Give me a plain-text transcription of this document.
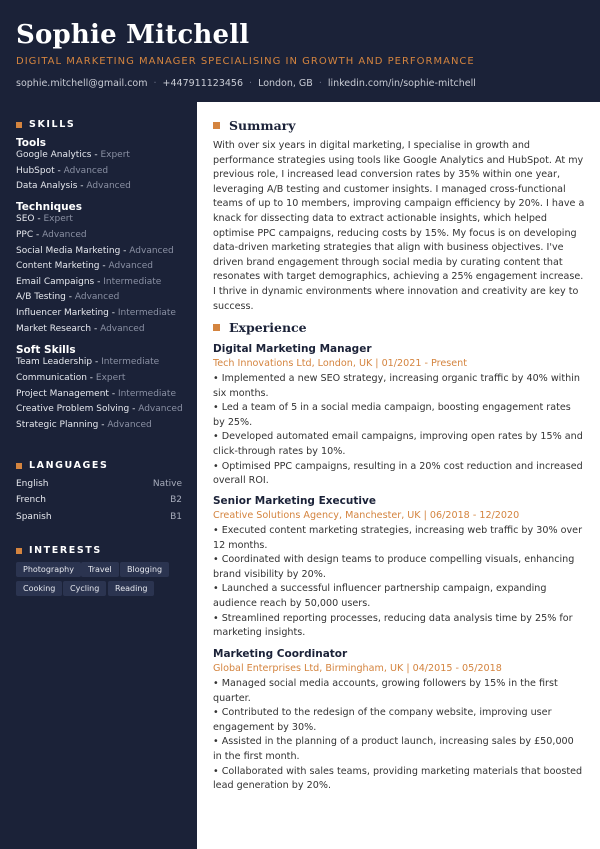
Sophie Mitchell
DIGITAL MARKETING MANAGER SPECIALISING IN GROWTH AND PERFORMANCE
sophie.mitchell@gmail.com · +447911123456 · London, GB · linkedin.com/in/sophie-mitchell
SKILLS
Tools
Google Analytics - Expert
HubSpot - Advanced
Data Analysis - Advanced
Techniques
SEO - Expert
PPC - Advanced
Social Media Marketing - Advanced
Content Marketing - Advanced
Email Campaigns - Intermediate
A/B Testing - Advanced
Influencer Marketing - Intermediate
Market Research - Advanced
Soft Skills
Team Leadership - Intermediate
Communication - Expert
Project Management - Intermediate
Creative Problem Solving - Advanced
Strategic Planning - Advanced
LANGUAGES
English	Native
French	B2
Spanish	B1
INTERESTS
Photography	Travel	Blogging
Cooking	Cycling	Reading
Summary

With over six years in digital marketing, I specialise in growth and performance strategies using tools like Google Analytics and HubSpot. At my previous role, I increased lead conversion rates by 35% within one year, leveraging A/B testing and customer insights. I managed cross-functional teams of up to 10 members, improving campaign efficiency by 20%. I have a knack for dissecting data to extract actionable insights, which helped optimise PPC campaigns, reducing costs by 15%. My focus is on developing data-driven marketing strategies that align with business objectives. I've driven brand engagement through social media by curating content that resonates with target demographics, achieving a 25% engagement increase. I thrive in dynamic environments where innovation and creativity are key to success.

Experience
Digital Marketing Manager
Tech Innovations Ltd, London, UK | 01/2021 - Present
• Implemented a new SEO strategy, increasing organic traffic by 40% within six months.
• Led a team of 5 in a social media campaign, boosting engagement rates by 25%.
• Developed automated email campaigns, improving open rates by 15% and click-through rates by 10%.
• Optimised PPC campaigns, resulting in a 20% cost reduction and increased overall ROI.
Senior Marketing Executive
Creative Solutions Agency, Manchester, UK | 06/2018 - 12/2020
• Executed content marketing strategies, increasing web traffic by 30% over 12 months.
• Coordinated with design teams to produce compelling visuals, enhancing brand visibility by 20%.
• Launched a successful influencer partnership campaign, expanding audience reach by 50,000 users.
• Streamlined reporting processes, reducing data analysis time by 25% for marketing insights.
Marketing Coordinator
Global Enterprises Ltd, Birmingham, UK | 04/2015 - 05/2018
• Managed social media accounts, growing followers by 15% in the first quarter.
• Contributed to the redesign of the company website, improving user engagement by 30%.
• Assisted in the planning of a product launch, increasing sales by £50,000 in the first month.
• Collaborated with sales teams, providing marketing materials that boosted lead generation by 20%.
